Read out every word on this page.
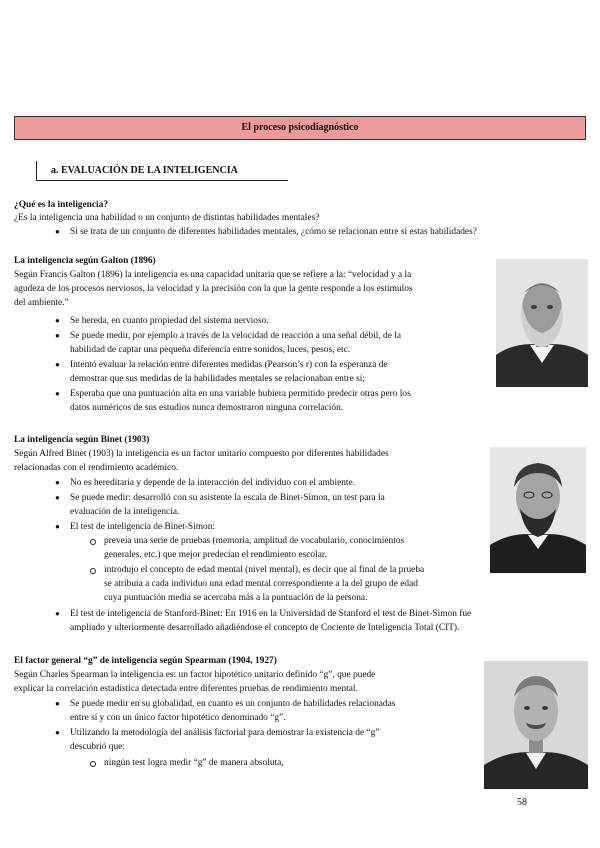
El proceso psicodiagnóstico
a. EVALUACIÓN DE LA INTELIGENCIA
¿Qué es la inteligencia?
¿Es la inteligencia una habilidad o un conjunto de distintas habilidades mentales?
● Si se trata de un conjunto de diferentes habilidades mentales, ¿cómo se relacionan entre sí estas habilidades?
La inteligencia según Galton (1896)
Según Francis Galton (1896) la inteligencia es una capacidad unitaria que se refiere a la: “velocidad y a la
agudeza de los procesos nerviosos, la velocidad y la precisión con la que la gente responde a los estímulos
del ambiente.”
● Se hereda, en cuanto propiedad del sistema nervioso.
● Se puede medir, por ejemplo a través de la velocidad de reacción a una señal débil, de la
habilidad de captar una pequeña diferencia entre sonidos, luces, pesos, etc.
● Intentó evaluar la relación entre diferentes medidas (Pearson’s r) con la esperanza de
demostrar que sus medidas de la habilidades mentales se relacionaban entre sí;
● Esperaba que una puntuación alta en una variable hubiera permitido predecir otras pero los
datos numéricos de sus estudios nunca demostraron ninguna correlación.
La inteligencia según Binet (1903)
Según Alfred Binet (1903) la inteligencia es un factor unitario compuesto por diferentes habilidades
relacionadas con el rendimiento académico.
● No es hereditaria y depende de la interacción del individuo con el ambiente.
● Se puede medir: desarrolló con su asistente la escala de Binet-Simon, un test para la
evaluación de la inteligencia.
● El test de inteligencia de Binet-Simon:
preveía una serie de pruebas (memoria, amplitud de vocabulario, conocimientos
generales, etc.) que mejor predecían el rendimiento escolar.
introdujo el concepto de edad mental (nivel mental), es decir que al final de la prueba
se atribuía a cada individuo una edad mental correspondiente a la del grupo de edad
cuya puntuación media se acercaba más a la puntuación de la persona.
● El test de inteligencia de Stanford-Binet: En 1916 en la Universidad de Stanford el test de Binet-Simon fue
ampliado y ulteriormente desarrollado añadiéndose el concepto de Cociente de Inteligencia Total (CIT).
El factor general “g” de inteligencia según Spearman (1904, 1927)
Según Charles Spearman la inteligencia es: un factor hipotético unitario definido “g”, que puede
explicar la correlación estadística detectada entre diferentes pruebas de rendimiento mental.
● Se puede medir en su globalidad, en cuanto es un conjunto de habilidades relacionadas
entre sí y con un único factor hipotético denominado “g”.
● Utilizando la metodología del análisis factorial para demostrar la existencia de “g”
descubrió que:
ningún test logra medir “g” de manera absoluta,
58
